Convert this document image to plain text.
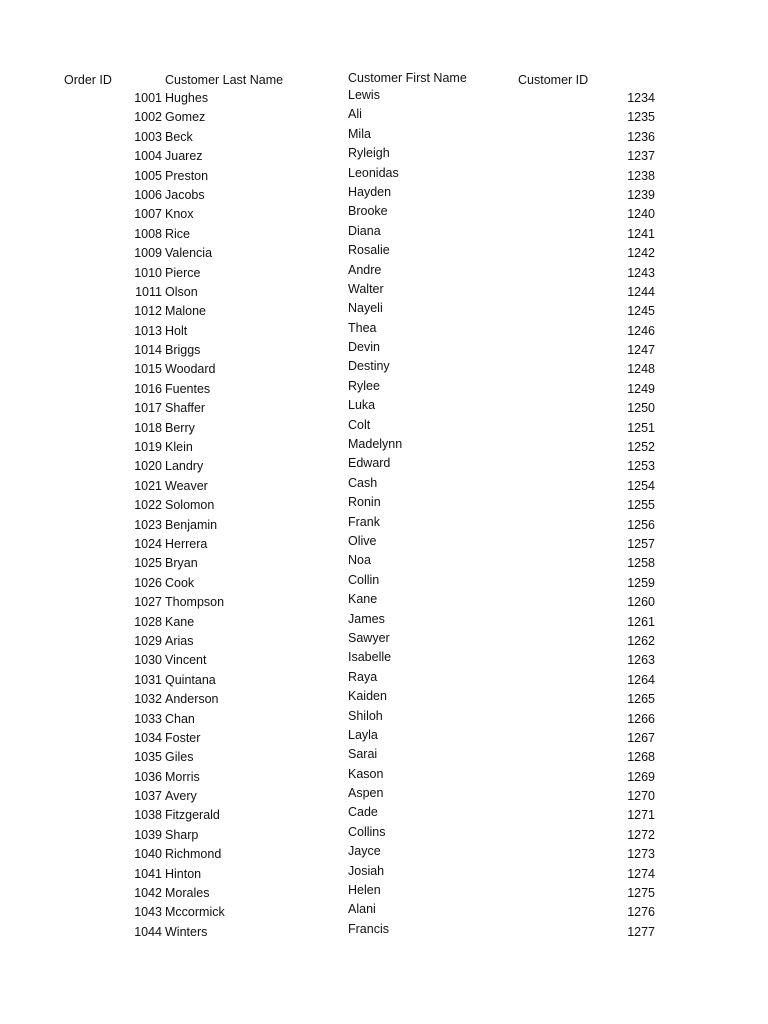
Order ID	Customer Last Name	Customer First Name	Customer ID
1001 Hughes	Lewis	1234
1002 Gomez	Ali	1235
1003 Beck	Mila	1236
1004 Juarez	Ryleigh	1237
1005 Preston	Leonidas	1238
1006 Jacobs	Hayden	1239
1007 Knox	Brooke	1240
1008 Rice	Diana	1241
1009 Valencia	Rosalie	1242
1010 Pierce	Andre	1243
1011 Olson	Walter	1244
1012 Malone	Nayeli	1245
1013 Holt	Thea	1246
1014 Briggs	Devin	1247
1015 Woodard	Destiny	1248
1016 Fuentes	Rylee	1249
1017 Shaffer	Luka	1250
1018 Berry	Colt	1251
1019 Klein	Madelynn	1252
1020 Landry	Edward	1253
1021 Weaver	Cash	1254
1022 Solomon	Ronin	1255
1023 Benjamin	Frank	1256
1024 Herrera	Olive	1257
1025 Bryan	Noa	1258
1026 Cook	Collin	1259
1027 Thompson	Kane	1260
1028 Kane	James	1261
1029 Arias	Sawyer	1262
1030 Vincent	Isabelle	1263
1031 Quintana	Raya	1264
1032 Anderson	Kaiden	1265
1033 Chan	Shiloh	1266
1034 Foster	Layla	1267
1035 Giles	Sarai	1268
1036 Morris	Kason	1269
1037 Avery	Aspen	1270
1038 Fitzgerald	Cade	1271
1039 Sharp	Collins	1272
1040 Richmond	Jayce	1273
1041 Hinton	Josiah	1274
1042 Morales	Helen	1275
1043 Mccormick	Alani	1276
1044 Winters	Francis	1277
